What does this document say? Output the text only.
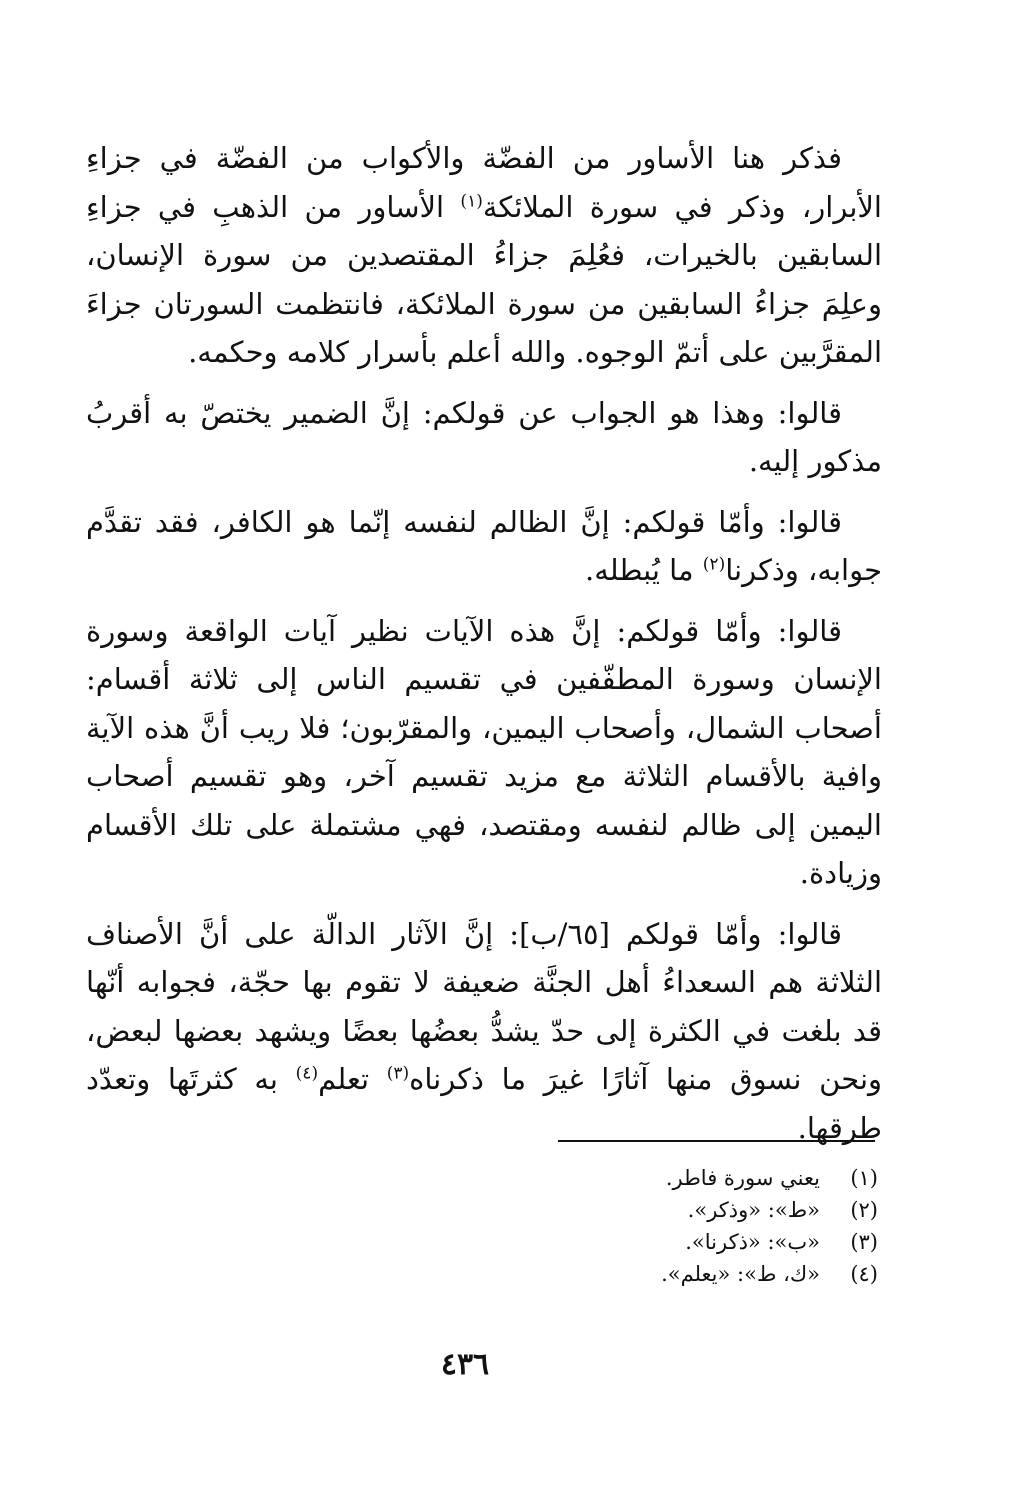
فذكر هنا الأساور من الفضّة والأكواب من الفضّة في جزاءِ الأبرار، وذكر في سورة الملائكة$^{(١)}$ الأساور من الذهبِ في جزاءِ السابقين بالخيرات، فعُلِمَ جزاءُ المقتصدين من سورة الإنسان، وعلِمَ جزاءُ السابقين من سورة الملائكة، فانتظمت السورتان جزاءَ المقرَّبين على أتمّ الوجوه. والله أعلم بأسرار كلامه وحكمه.

قالوا: وهذا هو الجواب عن قولكم: إنَّ الضمير يختصّ به أقربُ مذكور إليه.

قالوا: وأمّا قولكم: إنَّ الظالم لنفسه إنّما هو الكافر، فقد تقدَّم جوابه، وذكرنا$^{(٢)}$ ما يُبطله.

قالوا: وأمّا قولكم: إنَّ هذه الآيات نظير آيات الواقعة وسورة الإنسان وسورة المطفّفين في تقسيم الناس إلى ثلاثة أقسام: أصحاب الشمال، وأصحاب اليمين، والمقرّبون؛ فلا ريب أنَّ هذه الآية وافية بالأقسام الثلاثة مع مزيد تقسيم آخر، وهو تقسيم أصحاب اليمين إلى ظالم لنفسه ومقتصد، فهي مشتملة على تلك الأقسام وزيادة.

قالوا: وأمّا قولكم [٦٥/ب]: إنَّ الآثار الدالّة على أنَّ الأصناف الثلاثة هم السعداءُ أهل الجنَّة ضعيفة لا تقوم بها حجّة، فجوابه أنّها قد بلغت في الكثرة إلى حدّ يشدُّ بعضُها بعضًا ويشهد بعضها لبعض، ونحن نسوق منها آثارًا غيرَ ما ذكرناه$^{(٣)}$ تعلم$^{(٤)}$ به كثرتَها وتعدّد طرقها.

(١)
يعني سورة فاطر.
(٢)
«ط»: «وذكر».
(٣)
«ب»: «ذكرنا».
(٤)
«ك، ط»: «يعلم».
٤٣٦
